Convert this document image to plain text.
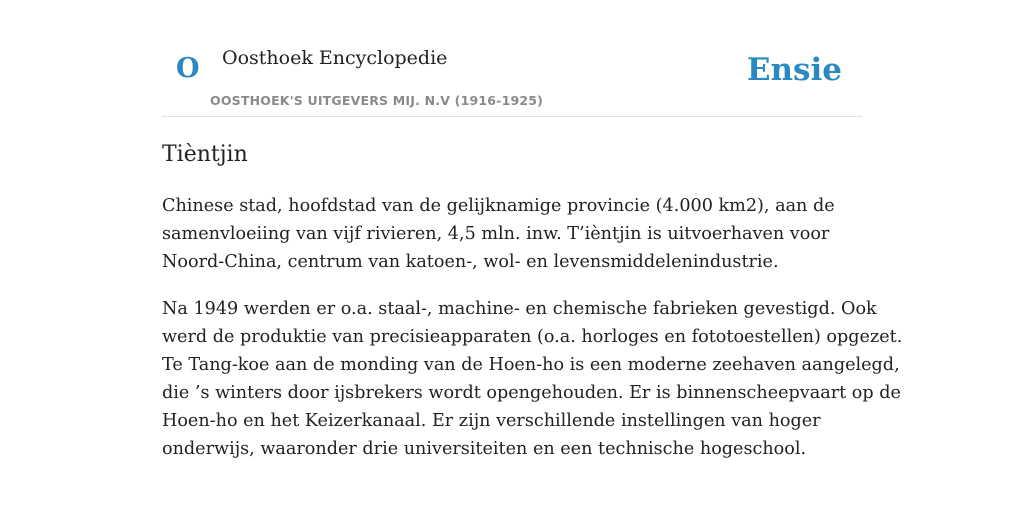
O Oosthoek Encyclopedie
OOSTHOEK'S UITGEVERS MIJ. N.V (1916-1925)
Ensie
Tièntjin

Chinese stad, hoofdstad van de gelijknamige provincie (4.000 km2), aan de
samenvloeiing van vijf rivieren, 4,5 mln. inw. T’ièntjin is uitvoerhaven voor
Noord-China, centrum van katoen-, wol- en levensmiddelenindustrie.

Na 1949 werden er o.a. staal-, machine- en chemische fabrieken gevestigd. Ook
werd de produktie van precisieapparaten (o.a. horloges en fototoestellen) opgezet.
Te Tang-koe aan de monding van de Hoen-ho is een moderne zeehaven aangelegd,
die ’s winters door ijsbrekers wordt opengehouden. Er is binnenscheepvaart op de
Hoen-ho en het Keizerkanaal. Er zijn verschillende instellingen van hoger
onderwijs, waaronder drie universiteiten en een technische hogeschool.
